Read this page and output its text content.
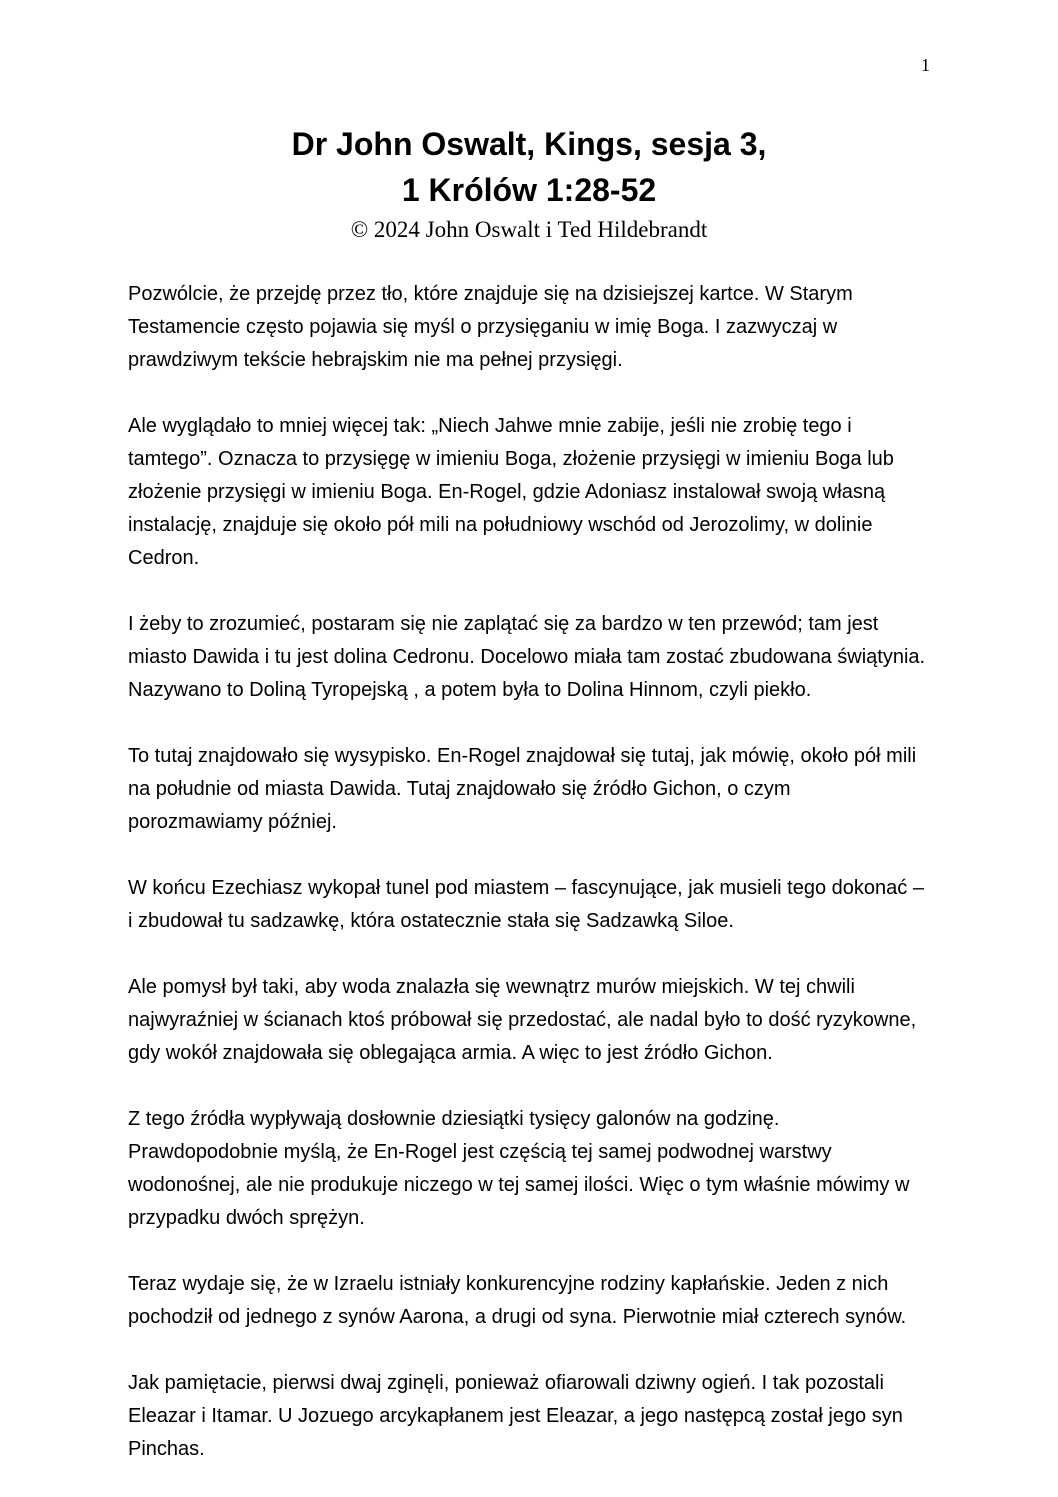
1
Dr John Oswalt, Kings, sesja 3,
1 Królów 1:28-52
© 2024 John Oswalt i Ted Hildebrandt

Pozwólcie, że przejdę przez tło, które znajduje się na dzisiejszej kartce. W Starym Testamencie często pojawia się myśl o przysięganiu w imię Boga. I zazwyczaj w prawdziwym tekście hebrajskim nie ma pełnej przysięgi.

Ale wyglądało to mniej więcej tak: „Niech Jahwe mnie zabije, jeśli nie zrobię tego i tamtego”. Oznacza to przysięgę w imieniu Boga, złożenie przysięgi w imieniu Boga lub złożenie przysięgi w imieniu Boga. En-Rogel, gdzie Adoniasz instalował swoją własną instalację, znajduje się około pół mili na południowy wschód od Jerozolimy, w dolinie Cedron.

I żeby to zrozumieć, postaram się nie zaplątać się za bardzo w ten przewód; tam jest miasto Dawida i tu jest dolina Cedronu. Docelowo miała tam zostać zbudowana świątynia. Nazywano to Doliną Tyropejską , a potem była to Dolina Hinnom, czyli piekło.

To tutaj znajdowało się wysypisko. En-Rogel znajdował się tutaj, jak mówię, około pół mili na południe od miasta Dawida. Tutaj znajdowało się źródło Gichon, o czym porozmawiamy później.

W końcu Ezechiasz wykopał tunel pod miastem – fascynujące, jak musieli tego dokonać – i zbudował tu sadzawkę, która ostatecznie stała się Sadzawką Siloe.

Ale pomysł był taki, aby woda znalazła się wewnątrz murów miejskich. W tej chwili najwyraźniej w ścianach ktoś próbował się przedostać, ale nadal było to dość ryzykowne, gdy wokół znajdowała się oblegająca armia. A więc to jest źródło Gichon.

Z tego źródła wypływają dosłownie dziesiątki tysięcy galonów na godzinę. Prawdopodobnie myślą, że En-Rogel jest częścią tej samej podwodnej warstwy wodonośnej, ale nie produkuje niczego w tej samej ilości. Więc o tym właśnie mówimy w przypadku dwóch sprężyn.

Teraz wydaje się, że w Izraelu istniały konkurencyjne rodziny kapłańskie. Jeden z nich pochodził od jednego z synów Aarona, a drugi od syna. Pierwotnie miał czterech synów.

Jak pamiętacie, pierwsi dwaj zginęli, ponieważ ofiarowali dziwny ogień. I tak pozostali Eleazar i Itamar. U Jozuego arcykapłanem jest Eleazar, a jego następcą został jego syn Pinchas.
